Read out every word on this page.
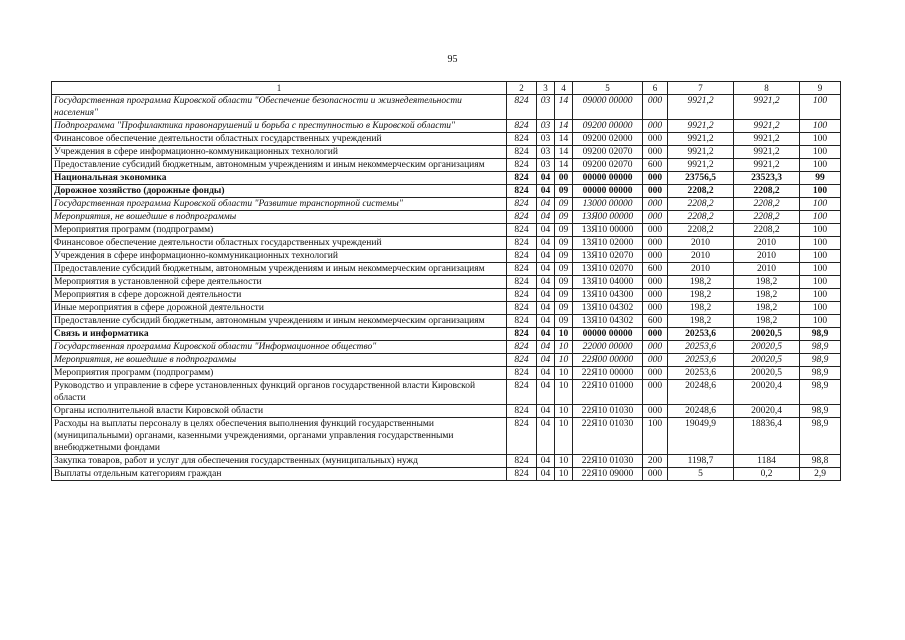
95
1	2	3	4	5	6	7	8	9
Государственная программа Кировской области "Обеспечение безопасности и жизнедеятельности населения"	824	03	14	09000 00000	000	9921,2	9921,2	100
Подпрограмма "Профилактика правонарушений и борьба с преступностью в Кировской области"	824	03	14	09200 00000	000	9921,2	9921,2	100
Финансовое обеспечение деятельности областных государственных учреждений	824	03	14	09200 02000	000	9921,2	9921,2	100
Учреждения в сфере информационно-коммуникационных технологий	824	03	14	09200 02070	000	9921,2	9921,2	100
Предоставление субсидий бюджетным, автономным учреждениям и иным некоммерческим организациям	824	03	14	09200 02070	600	9921,2	9921,2	100
Национальная экономика	824	04	00	00000 00000	000	23756,5	23523,3	99
Дорожное хозяйство (дорожные фонды)	824	04	09	00000 00000	000	2208,2	2208,2	100
Государственная программа Кировской области "Развитие транспортной системы"	824	04	09	13000 00000	000	2208,2	2208,2	100
Мероприятия, не вошедшие в подпрограммы	824	04	09	13Я00 00000	000	2208,2	2208,2	100
Мероприятия программ (подпрограмм)	824	04	09	13Я10 00000	000	2208,2	2208,2	100
Финансовое обеспечение деятельности областных государственных учреждений	824	04	09	13Я10 02000	000	2010	2010	100
Учреждения в сфере информационно-коммуникационных технологий	824	04	09	13Я10 02070	000	2010	2010	100
Предоставление субсидий бюджетным, автономным учреждениям и иным некоммерческим организациям	824	04	09	13Я10 02070	600	2010	2010	100
Мероприятия в установленной сфере деятельности	824	04	09	13Я10 04000	000	198,2	198,2	100
Мероприятия в сфере дорожной деятельности	824	04	09	13Я10 04300	000	198,2	198,2	100
Иные мероприятия в сфере дорожной деятельности	824	04	09	13Я10 04302	000	198,2	198,2	100
Предоставление субсидий бюджетным, автономным учреждениям и иным некоммерческим организациям	824	04	09	13Я10 04302	600	198,2	198,2	100
Связь и информатика	824	04	10	00000 00000	000	20253,6	20020,5	98,9
Государственная программа Кировской области "Информационное общество"	824	04	10	22000 00000	000	20253,6	20020,5	98,9
Мероприятия, не вошедшие в подпрограммы	824	04	10	22Я00 00000	000	20253,6	20020,5	98,9
Мероприятия программ (подпрограмм)	824	04	10	22Я10 00000	000	20253,6	20020,5	98,9
Руководство и управление в сфере установленных функций органов государственной власти Кировской области	824	04	10	22Я10 01000	000	20248,6	20020,4	98,9
Органы исполнительной власти Кировской области	824	04	10	22Я10 01030	000	20248,6	20020,4	98,9
Расходы на выплаты персоналу в целях обеспечения выполнения функций государственными (муниципальными) органами, казенными учреждениями, органами управления государственными внебюджетными фондами	824	04	10	22Я10 01030	100	19049,9	18836,4	98,9
Закупка товаров, работ и услуг для обеспечения государственных (муниципальных) нужд	824	04	10	22Я10 01030	200	1198,7	1184	98,8
Выплаты отдельным категориям граждан	824	04	10	22Я10 09000	000	5	0,2	2,9
